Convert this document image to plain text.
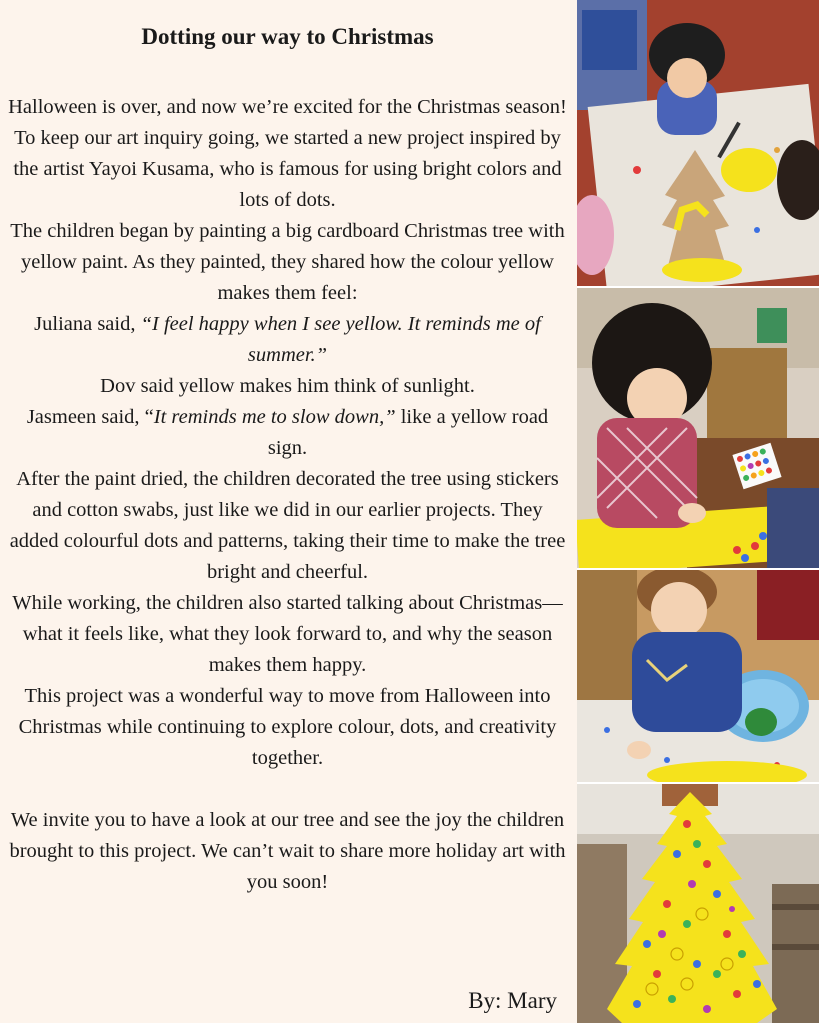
Dotting our way to Christmas

Halloween is over, and now we’re excited for the Christmas season! To keep our art inquiry going, we started a new project inspired by the artist Yayoi Kusama, who is famous for using bright colors and lots of dots.

The children began by painting a big cardboard Christmas tree with yellow paint. As they painted, they shared how the colour yellow makes them feel:

Juliana said, “I feel happy when I see yellow. It reminds me of summer.”

Dov said yellow makes him think of sunlight.

Jasmeen said, “It reminds me to slow down,” like a yellow road sign.

After the paint dried, the children decorated the tree using stickers and cotton swabs, just like we did in our earlier projects. They added colourful dots and patterns, taking their time to make the tree bright and cheerful.

While working, the children also started talking about Christmas—what it feels like, what they look forward to, and why the season makes them happy.

This project was a wonderful way to move from Halloween into Christmas while continuing to explore colour, dots, and creativity together.

We invite you to have a look at our tree and see the joy the children brought to this project. We can’t wait to share more holiday art with you soon!

By: Mary
